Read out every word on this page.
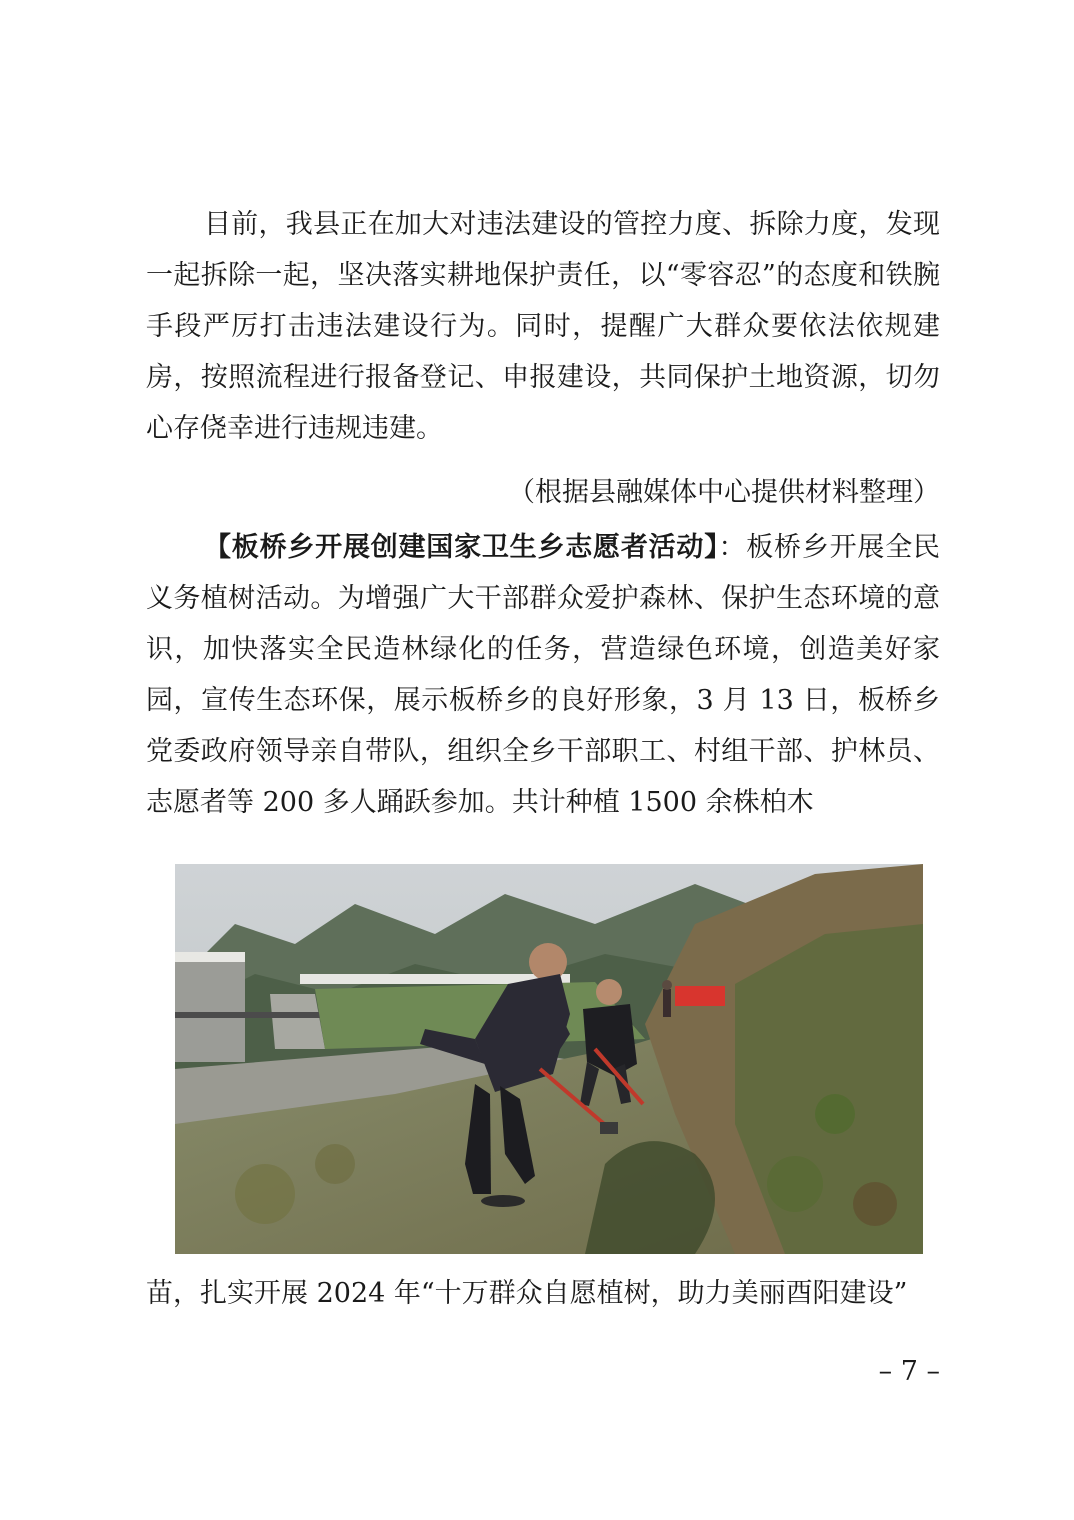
目前，我县正在加大对违法建设的管控力度、拆除力度，发现一起拆除一起，坚决落实耕地保护责任，以“零容忍”的态度和铁腕手段严厉打击违法建设行为。同时，提醒广大群众要依法依规建房，按照流程进行报备登记、申报建设，共同保护土地资源，切勿心存侥幸进行违规违建。
（根据县融媒体中心提供材料整理）
【板桥乡开展创建国家卫生乡志愿者活动】：板桥乡开展全民义务植树活动。为增强广大干部群众爱护森林、保护生态环境的意识，加快落实全民造林绿化的任务，营造绿色环境，创造美好家园，宣传生态环保，展示板桥乡的良好形象，3 月 13 日，板桥乡党委政府领导亲自带队，组织全乡干部职工、村组干部、护林员、志愿者等 200 多人踊跃参加。共计种植 1500 余株柏木
苗，扎实开展 2024 年“十万群众自愿植树，助力美丽酉阳建设”
– 7 –
